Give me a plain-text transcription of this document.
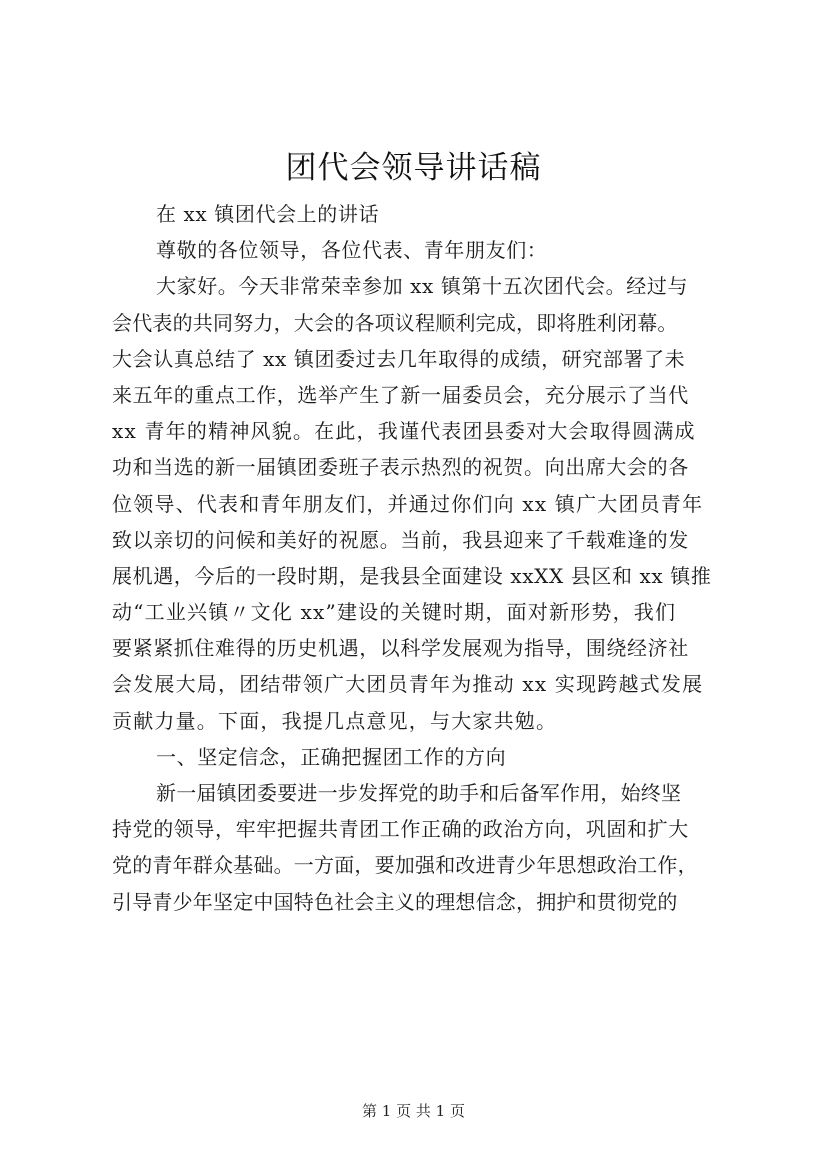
团代会领导讲话稿
在 xx 镇团代会上的讲话
尊敬的各位领导，各位代表、青年朋友们：
大家好。今天非常荣幸参加 xx 镇第十五次团代会。经过与
会代表的共同努力，大会的各项议程顺利完成，即将胜利闭幕。
大会认真总结了 xx 镇团委过去几年取得的成绩，研究部署了未
来五年的重点工作，选举产生了新一届委员会，充分展示了当代
xx 青年的精神风貌。在此，我谨代表团县委对大会取得圆满成
功和当选的新一届镇团委班子表示热烈的祝贺。向出席大会的各
位领导、代表和青年朋友们，并通过你们向 xx 镇广大团员青年
致以亲切的问候和美好的祝愿。当前，我县迎来了千载难逢的发
展机遇，今后的一段时期，是我县全面建设 xxXX 县区和 xx 镇推
动“工业兴镇〃文化 xx”建设的关键时期，面对新形势，我们
要紧紧抓住难得的历史机遇，以科学发展观为指导，围绕经济社
会发展大局，团结带领广大团员青年为推动 xx 实现跨越式发展
贡献力量。下面，我提几点意见，与大家共勉。
一、坚定信念，正确把握团工作的方向
新一届镇团委要进一步发挥党的助手和后备军作用，始终坚
持党的领导，牢牢把握共青团工作正确的政治方向，巩固和扩大
党的青年群众基础。一方面，要加强和改进青少年思想政治工作，
引导青少年坚定中国特色社会主义的理想信念，拥护和贯彻党的
第 1 页 共 1 页
